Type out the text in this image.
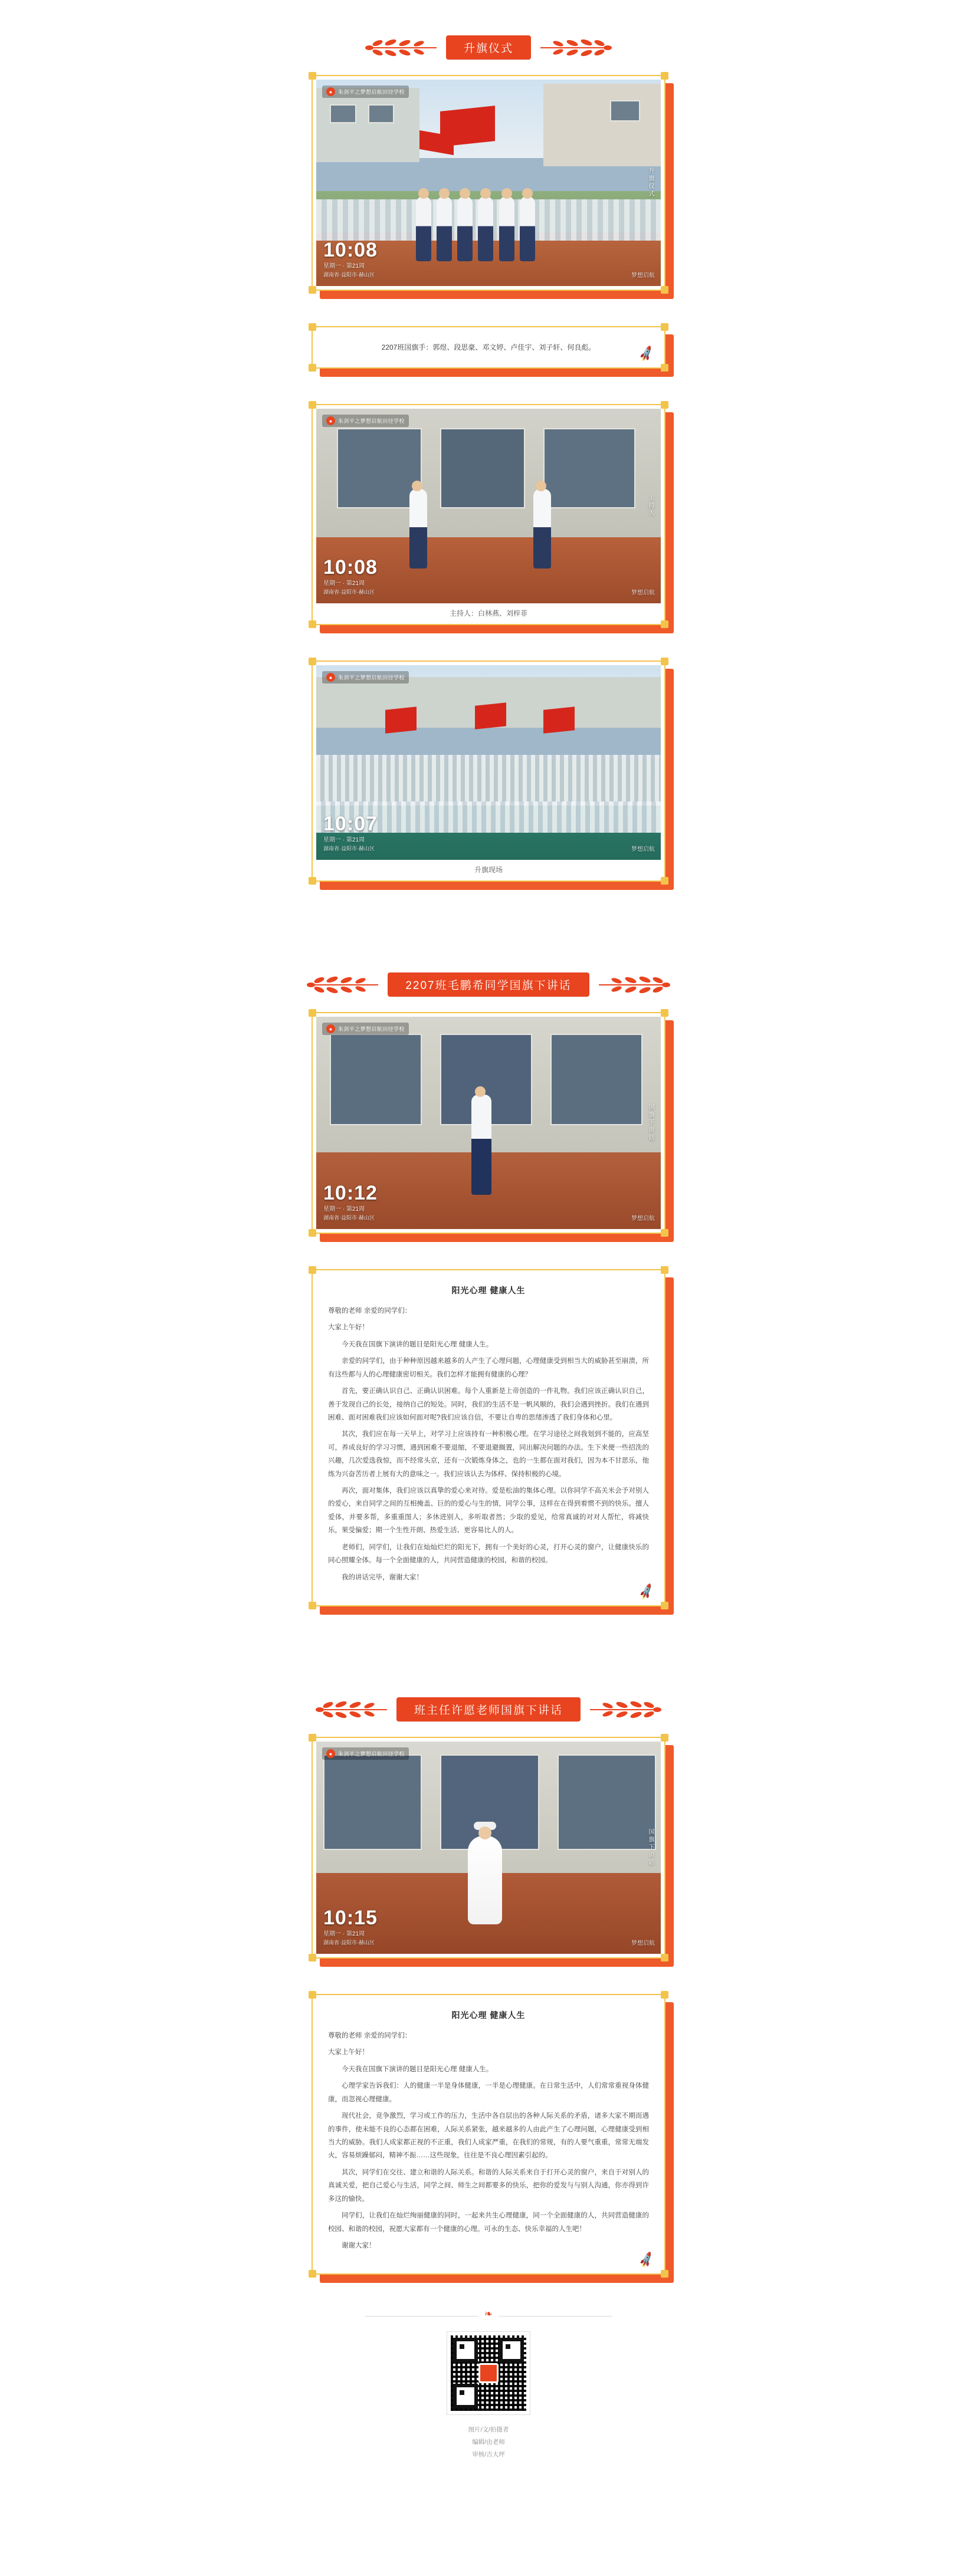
升旗仪式
●	朱剑平之梦想启航田径学校
10:08
星期一 · 第21周
湖南省·益阳市·赫山区
升旗仪式
梦想启航

2207班国旗手：郭煜、段思豪、邓文婷、卢佳宇、刘子轩、何良彪。	🚀
●	朱剑平之梦想启航田径学校
10:08
星期一 · 第21周
湖南省·益阳市·赫山区
主持人
梦想启航
主持人：白林燕、刘梓菲
●	朱剑平之梦想启航田径学校
10:07
星期一 · 第21周
湖南省·益阳市·赫山区	梦想启航
升旗现场
2207班毛鹏希同学国旗下讲话
●	朱剑平之梦想启航田径学校
10:12
星期一 · 第21周
湖南省·益阳市·赫山区
国旗下讲话
梦想启航
阳光心理 健康人生

尊敬的老师 亲爱的同学们：

大家上午好！

今天我在国旗下演讲的题目是阳光心理 健康人生。

亲爱的同学们，由于种种原因越来越多的人产生了心理问题，心理健康受到相当大的威胁甚至崩溃，所有这些都与人的心理健康密切相关。我们怎样才能拥有健康的心理？

首先，要正确认识自己、正确认识困难。每个人重新是上帝创造的一件礼物。我们应该正确认识自己，善于发现自己的长处，接纳自己的短处。同时，我们的生活不是一帆风顺的，我们会遇到挫折。我们在遇到困难、面对困难我们应该如何面对呢?我们应该自信，不要让自卑的思绪渗透了我们身体和心里。

其次，我们应在每一天早上，对学习上应该持有一种积极心理。在学习途径之间我划到不能的，应高坚可，养成良好的学习习惯，遇到困难不要退缩，不要退避搁置，同出解决问题的办法。生下来便一些招洗的兴趣，几次爱选我惊，而不经常头京，还有一次锻炼身体之，也的一生都在面对我们，因为本不甘思乐，他练为兴奋苦历者上展有大的意味之一。我们应该认去为体样、保持积极的心境。

再次，面对集体，我们应该以真挚的爱心来对待。爱是松油的集体心理。以你同学不高关米会予对别人的爱心，来自同学之间的互相掩盖、巨的的爱心与生的情，同学公事，这样在在得到着惯不到的快乐。擅人爱体，并要多帮，多重重图人；多休进别人，多听取者然；少取的爱见，给常真诚的对对人帮忙，将减快乐，果受偏爱；期一个生性开朗、热爱生活、更容易比人的人。

老师们，同学们，让我们在灿灿烂烂的阳光下，拥有一个美好的心灵，打开心灵的窗户，让健康快乐的同心照耀全体。每一个全面健康的人，共同营造健康的校园，和谐的校园。

我的讲话完毕，谢谢大家！

🚀
班主任许愿老师国旗下讲话
●	朱剑平之梦想启航田径学校
10:15
星期一 · 第21周
湖南省·益阳市·赫山区
国旗下讲话
梦想启航
阳光心理 健康人生

尊敬的老师 亲爱的同学们：

大家上午好！

今天我在国旗下演讲的题目是阳光心理 健康人生。

心理学家告诉我们：人的健康一半是身体健康，一半是心理健康。在日常生活中，人们常常重视身体健康，而忽视心理健康。

现代社会，竞争激烈，学习或工作的压力，生活中各自层出的各种人际关系的矛盾，诸多大家不期而遇的事件，使未能不良的心态都在困难，人际关系紧张，越来越多的人由此产生了心理问题，心理健康受到相当大的威胁。我们人成家都正视的不正重，我们人成家严重，在我们的常规，有的人要气重重，常常无端发火，容易烦躁郁闷，精神不振……这些现象，往往是不良心理因素引起的。

其次，同学们在交往、建立和谐的人际关系。和谐的人际关系来自于打开心灵的窗户，来自于对别人的真诚关爱，把自己爱心与生活，同学之间、师生之间都要多的快乐，把你的爱发与与别人沟通，你亦得到许多这的愉快。

同学们，让我们在灿烂绚丽健康的同时，一起来共生心理健康，同一个全面健康的人，共同营造健康的校园、和谐的校园，祝愿大家都有一个健康的心理。可永的生态、快乐幸福的人生吧！

谢谢大家！

🚀
❧
图片/文/拍摄者
编辑/由老师
审核/吉大坪
